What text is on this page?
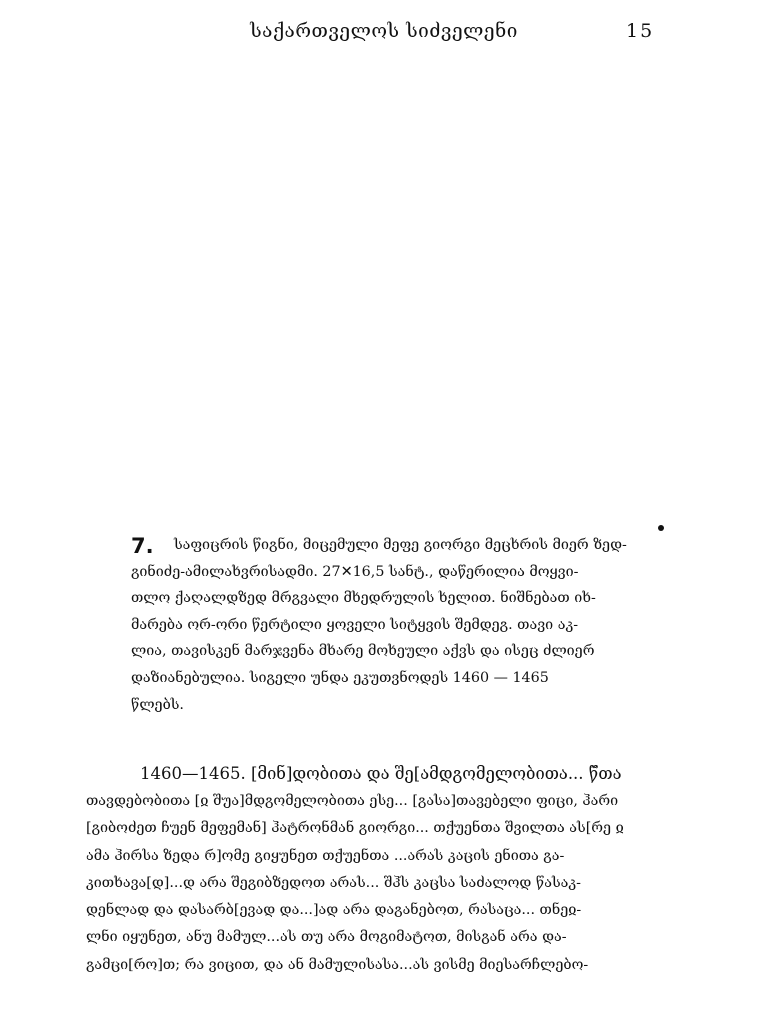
საქართველოს სიძველენი	15
7. საფიცრის წიგნი, მიცემული მეფე გიორგი მეცხრის მიერ ზედ-
გინიძე-ამილახვრისადმი. 27✕16,5 სანტ., დაწერილია მოყვი-
თლო ქაღალდზედ მრგვალი მხედრულის ხელით. ნიშნებათ იხ-
მარება ორ-ორი წერტილი ყოველი სიტყვის შემდეგ. თავი აკ-
ლია, თავისკენ მარჯვენა მხარე მოხეული აქვს და ისეც ძლიერ
დაზიანებულია. სიგელი უნდა ეკუთვნოდეს 1460 — 1465
წლებს.
1460—1465. [მინ]დობითა და შე[ამდგომელობითა... წ̃თა
თავდებობითა [ჲ შუა]მდგომელობითა ესე... [გასა]თავებელი ფიცი, ჰარი
[გიბოძეთ ჩუენ მეფემან] ჰატრონმან გიორგი... თქუენთა შვილთა ას[რე ჲ
ამა ჰირსა ზედა რ]ომე გიყუნეთ თქუენთა ...არას კაცის ენითა გა-
კითხავა[დ]...დ არა შეგიბზედოთ არას... შჰს კაცსა საძალოდ წასაკ-
დენლად და დასარბ[ევად და...]ად არა დაგანებოთ, რასაცა... თნეჲ-
ლნი იყუნეთ, ანუ მამულ...ას თუ არა მოგიმატოთ, მისგან არა და-
გამცი[რო]თ; რა ვიცით, და ან მამულისასა...ას ვისმე მიესარჩლებო-
